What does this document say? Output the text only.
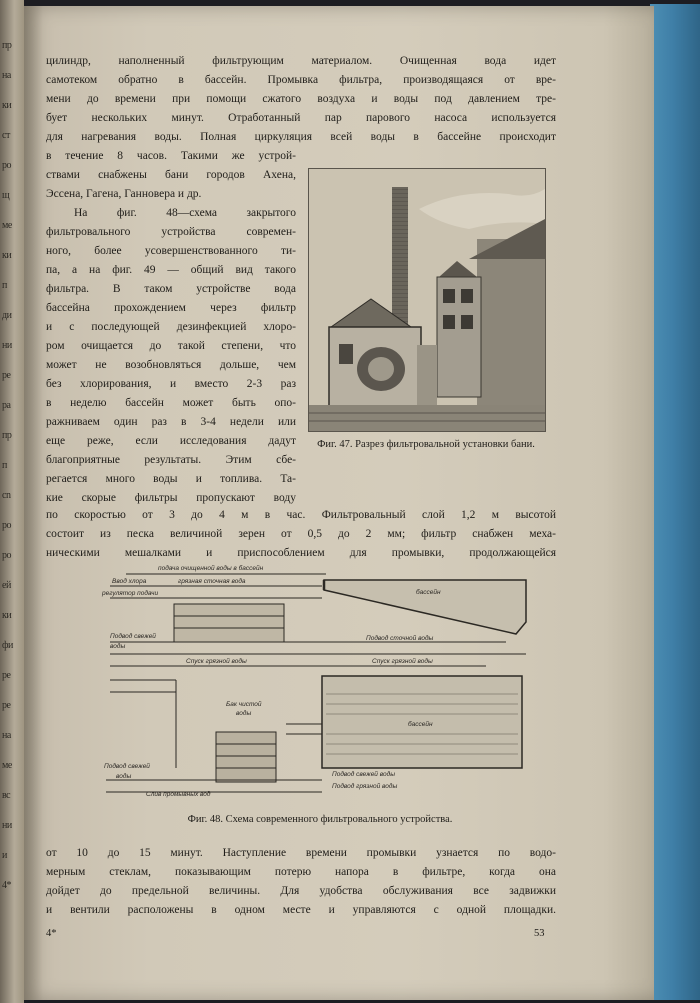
пр
на
ки
ст
ро
щ
ме
ки
п
ди
ни
pe
pa
пр
п
cn
ро
ро
ей
ки
фи
pe
ре
на
ме
вс
ни
и
4*
цилиндр, наполненный фильтрующим материалом. Очищенная вода идет
самотеком обратно в бассейн. Промывка фильтра, производящаяся от вре-
мени до времени при помощи сжатого воздуха и воды под давлением тре-
бует нескольких минут. Отработанный пар парового насоса используется
для нагревания воды. Полная циркуляция всей воды в бассейне происходит
в течение 8 часов. Такими же устрой-
ствами снабжены бани городов Ахена,
Эссена, Гагена, Ганновера и др.
На фиг. 48—схема закрытого
фильтровального устройства современ-
ного, более усовершенствованного ти-
па, а на фиг. 49 — общий вид такого
фильтра. В таком устройстве вода
бассейна прохождением через фильтр
и с последующей дезинфекцией хлоро-
ром очищается до такой степени, что
может не возобновляться дольше, чем
без хлорирования, и вместо 2-3 раз
в неделю бассейн может быть опо-
ражниваем один раз в 3-4 недели или
еще реже, если исследования дадут
благоприятные результаты. Этим сбе-
регается много воды и топлива. Та-
кие скорые фильтры пропускают воду
Фиг. 47. Разрез фильтровальной установки бани.
по скоростью от 3 до 4 м в час. Фильтровальный слой 1,2 м высотой
состоит из песка величиной зерен от 0,5 до 2 мм; фильтр снабжен меха-
ническими мешалками и приспособлением для промывки, продолжающейся
подача очищенной воды в бассейн
Ввод хлора	грязная сточная вода
регулятор подачи
Подвод свежей
воды
Спуск грязной воды
бассейн
бассейн
Подвод сточной воды
Спуск грязной воды
Бак чистой
воды
Подвод свежей воды
Подвод грязной воды
Слив промывных вод
Подвод свежей
воды
Фиг. 48. Схема современного фильтровального устройства.
от 10 до 15 минут. Наступление времени промывки узнается по водо-
мерным стеклам, показывающим потерю напора в фильтре, когда она
дойдет до предельной величины. Для удобства обслуживания все задвижки
и вентили расположены в одном месте и управляются с одной площадки.
4*	53
